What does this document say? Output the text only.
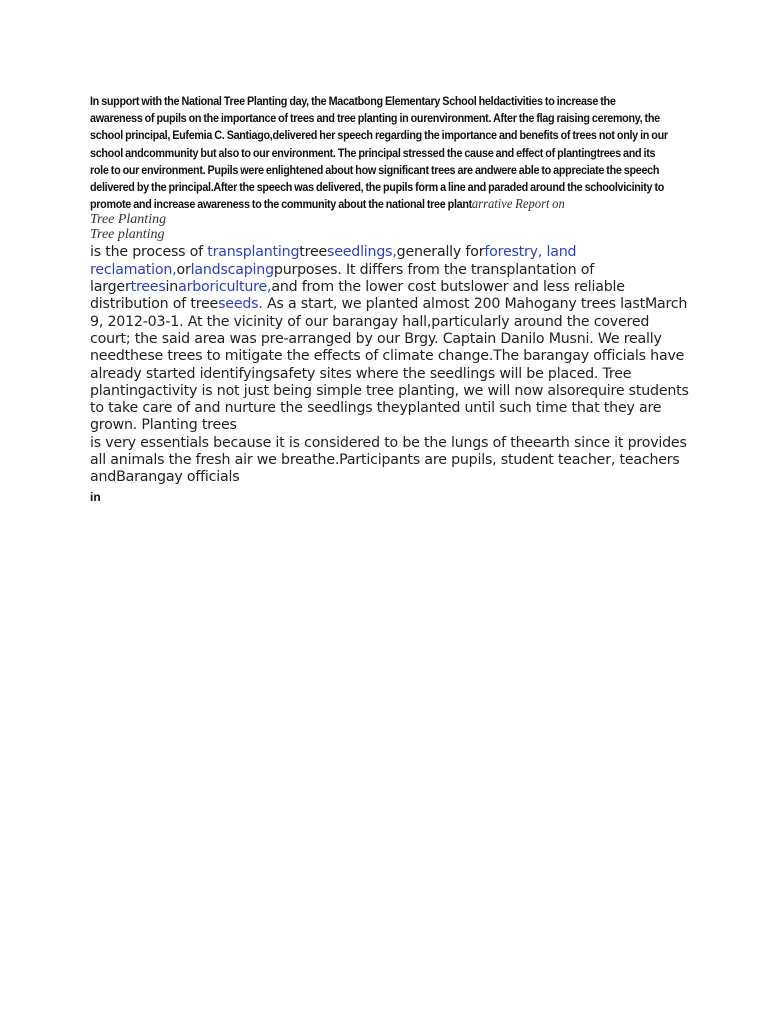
In support with the National Tree Planting day, the Macatbong Elementary School heldactivities to increase the awareness of pupils on the importance of trees and tree planting in ourenvironment. After the flag raising ceremony, the school principal, Eufemia C. Santiago,delivered her speech regarding the importance and benefits of trees not only in our school andcommunity but also to our environment. The principal stressed the cause and effect of plantingtrees and its role to our environment. Pupils were enlightened about how significant trees are andwere able to appreciate the speech delivered by the principal.After the speech was delivered, the pupils form a line and paraded around the schoolvicinity to promote and increase awareness to the community about the national tree plantarrative Report on
Tree Planting
Tree planting
is the process of transplantingtreeseedlings,generally forforestry, land reclamation,orlandscapingpurposes. It differs from the transplantation of largertreesinarboriculture,and from the lower cost butslower and less reliable distribution of treeseeds. As a start, we planted almost 200 Mahogany trees lastMarch 9, 2012-03-1. At the vicinity of our barangay hall,particularly around the covered court; the said area was pre-arranged by our Brgy. Captain Danilo Musni. We really needthese trees to mitigate the effects of climate change.The barangay officials have already started identifyingsafety sites where the seedlings will be placed. Tree plantingactivity is not just being simple tree planting, we will now alsorequire students to take care of and nurture the seedlings theyplanted until such time that they are grown. Planting trees
is very essentials because it is considered to be the lungs of theearth since it provides all animals the fresh air we breathe.Participants are pupils, student teacher, teachers andBarangay officials
in
